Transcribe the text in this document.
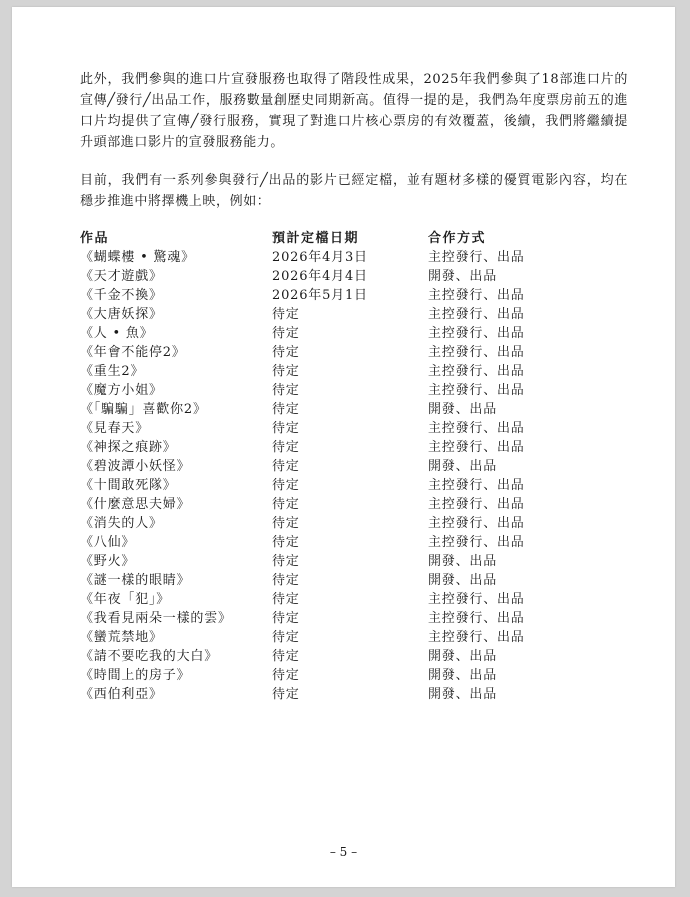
此外，我們參與的進口片宣發服務也取得了階段性成果，2025年我們參與了18部進口片的宣傳╱發行╱出品工作，服務數量創歷史同期新高。值得一提的是，我們為年度票房前五的進口片均提供了宣傳╱發行服務，實現了對進口片核心票房的有效覆蓋，後續，我們將繼續提升頭部進口影片的宣發服務能力。

目前，我們有一系列參與發行╱出品的影片已經定檔，並有題材多樣的優質電影內容，均在穩步推進中將擇機上映，例如：

作品	預計定檔日期	合作方式
《蝴蝶樓 • 驚魂》	2026年4月3日	主控發行、出品
《天才遊戲》	2026年4月4日	開發、出品
《千金不換》	2026年5月1日	主控發行、出品
《大唐妖探》	待定	主控發行、出品
《人 • 魚》	待定	主控發行、出品
《年會不能停2》	待定	主控發行、出品
《重生2》	待定	主控發行、出品
《魔方小姐》	待定	主控發行、出品
《「騙騙」喜歡你2》	待定	開發、出品
《見春天》	待定	主控發行、出品
《神探之痕跡》	待定	主控發行、出品
《碧波譚小妖怪》	待定	開發、出品
《十間敢死隊》	待定	主控發行、出品
《什麼意思夫婦》	待定	主控發行、出品
《消失的人》	待定	主控發行、出品
《八仙》	待定	主控發行、出品
《野火》	待定	開發、出品
《謎一樣的眼睛》	待定	開發、出品
《年夜「犯」》	待定	主控發行、出品
《我看見兩朵一樣的雲》	待定	主控發行、出品
《蠻荒禁地》	待定	主控發行、出品
《請不要吃我的大白》	待定	開發、出品
《時間上的房子》	待定	開發、出品
《西伯利亞》	待定	開發、出品
– 5 –
